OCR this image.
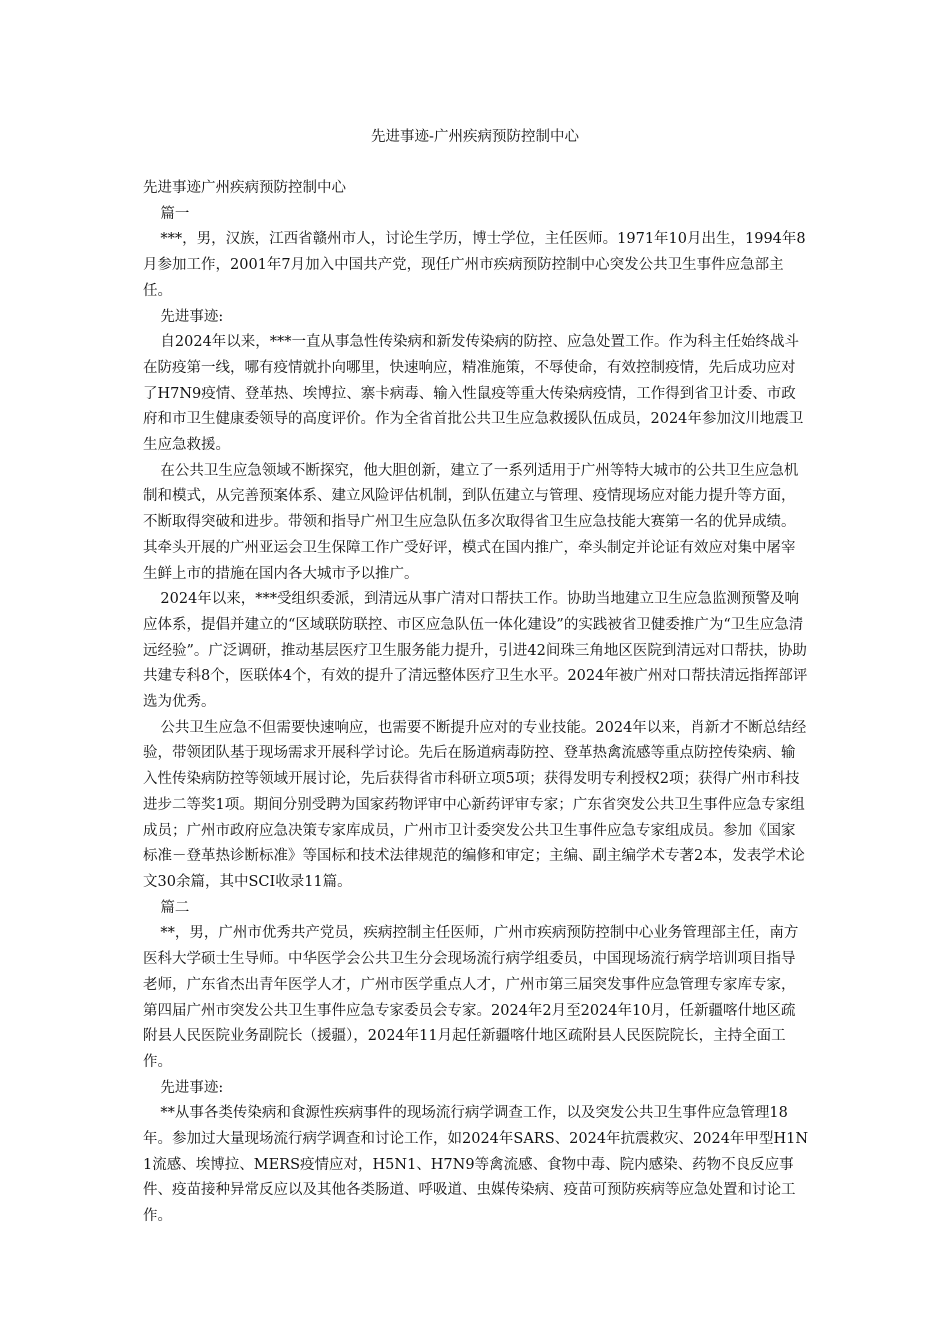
先进事迹-广州疾病预防控制中心

先进事迹广州疾病预防控制中心

篇一

***，男，汉族，江西省赣州市人，讨论生学历，博士学位，主任医师。1971年10月出生，1994年8月参加工作，2001年7月加入中国共产党，现任广州市疾病预防控制中心突发公共卫生事件应急部主任。

先进事迹:

自2024年以来，***一直从事急性传染病和新发传染病的防控、应急处置工作。作为科主任始终战斗在防疫第一线，哪有疫情就扑向哪里，快速响应，精准施策，不辱使命，有效控制疫情，先后成功应对了H7N9疫情、登革热、埃博拉、寨卡病毒、输入性鼠疫等重大传染病疫情，工作得到省卫计委、市政府和市卫生健康委领导的高度评价。作为全省首批公共卫生应急救援队伍成员，2024年参加汶川地震卫生应急救援。

在公共卫生应急领域不断探究，他大胆创新，建立了一系列适用于广州等特大城市的公共卫生应急机制和模式，从完善预案体系、建立风险评估机制，到队伍建立与管理、疫情现场应对能力提升等方面，不断取得突破和进步。带领和指导广州卫生应急队伍多次取得省卫生应急技能大赛第一名的优异成绩。其牵头开展的广州亚运会卫生保障工作广受好评，模式在国内推广，牵头制定并论证有效应对集中屠宰生鲜上市的措施在国内各大城市予以推广。

2024年以来，***受组织委派，到清远从事广清对口帮扶工作。协助当地建立卫生应急监测预警及响应体系，提倡并建立的“区域联防联控、市区应急队伍一体化建设”的实践被省卫健委推广为“卫生应急清远经验”。广泛调研，推动基层医疗卫生服务能力提升，引进42间珠三角地区医院到清远对口帮扶，协助共建专科8个，医联体4个，有效的提升了清远整体医疗卫生水平。2024年被广州对口帮扶清远指挥部评选为优秀。

公共卫生应急不但需要快速响应，也需要不断提升应对的专业技能。2024年以来，肖新才不断总结经验，带领团队基于现场需求开展科学讨论。先后在肠道病毒防控、登革热禽流感等重点防控传染病、输入性传染病防控等领域开展讨论，先后获得省市科研立项5项；获得发明专利授权2项；获得广州市科技进步二等奖1项。期间分别受聘为国家药物评审中心新药评审专家；广东省突发公共卫生事件应急专家组成员；广州市政府应急决策专家库成员，广州市卫计委突发公共卫生事件应急专家组成员。参加《国家标准－登革热诊断标准》等国标和技术法律规范的编修和审定；主编、副主编学术专著2本，发表学术论文30余篇，其中SCI收录11篇。

篇二

**，男，广州市优秀共产党员，疾病控制主任医师，广州市疾病预防控制中心业务管理部主任，南方医科大学硕士生导师。中华医学会公共卫生分会现场流行病学组委员，中国现场流行病学培训项目指导老师，广东省杰出青年医学人才，广州市医学重点人才，广州市第三届突发事件应急管理专家库专家，第四届广州市突发公共卫生事件应急专家委员会专家。2024年2月至2024年10月，任新疆喀什地区疏附县人民医院业务副院长（援疆），2024年11月起任新疆喀什地区疏附县人民医院院长，主持全面工作。

先进事迹:

**从事各类传染病和食源性疾病事件的现场流行病学调查工作，以及突发公共卫生事件应急管理18年。参加过大量现场流行病学调查和讨论工作，如2024年SARS、2024年抗震救灾、2024年甲型H1N1流感、埃博拉、MERS疫情应对，H5N1、H7N9等禽流感、食物中毒、院内感染、药物不良反应事件、疫苗接种异常反应以及其他各类肠道、呼吸道、虫媒传染病、疫苗可预防疾病等应急处置和讨论工作。
